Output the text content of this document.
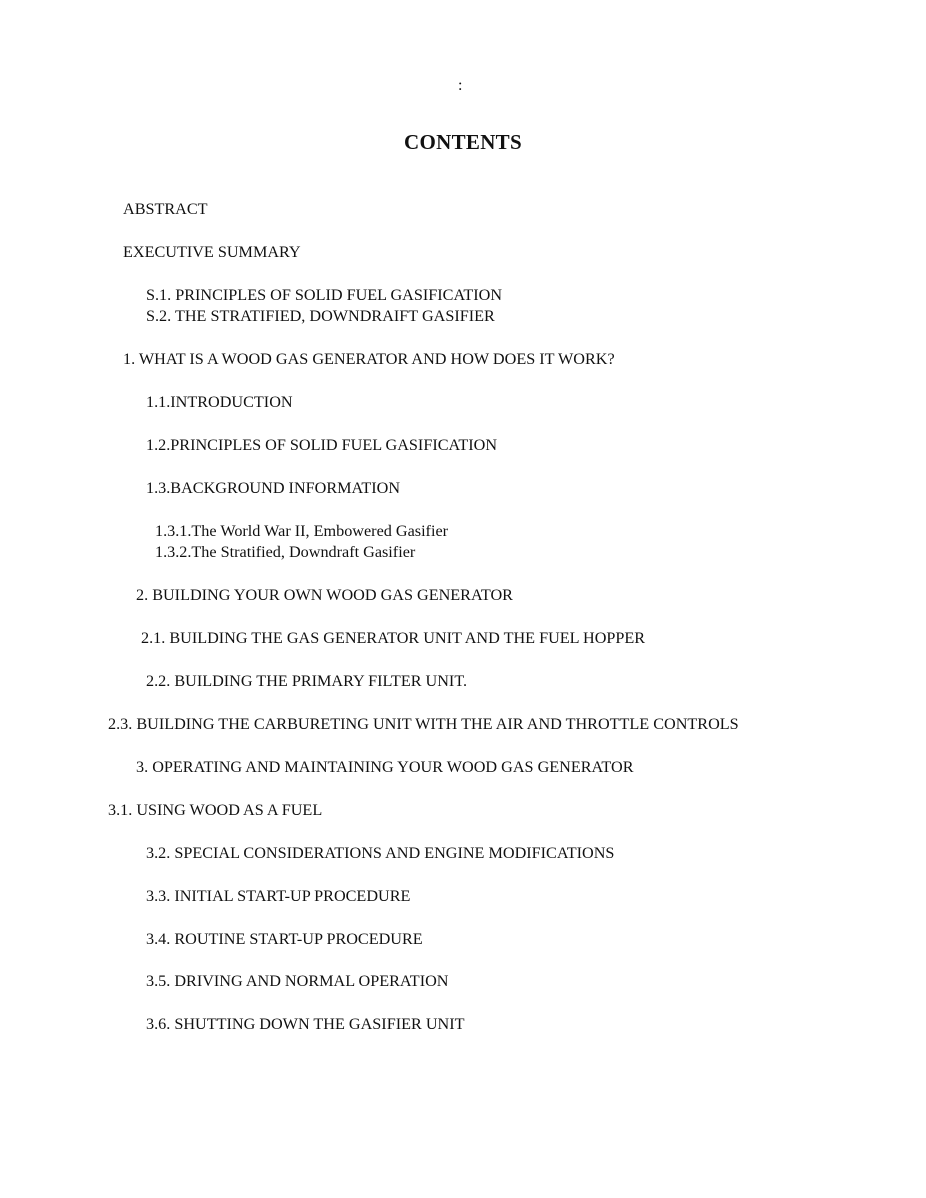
:
CONTENTS
ABSTRACT
EXECUTIVE SUMMARY
S.1. PRINCIPLES OF SOLID FUEL GASIFICATION
S.2. THE STRATIFIED, DOWNDRAIFT GASIFIER
1. WHAT IS A WOOD GAS GENERATOR AND HOW DOES IT WORK?
1.1.INTRODUCTION
1.2.PRINCIPLES OF SOLID FUEL GASIFICATION
1.3.BACKGROUND INFORMATION
1.3.1.The World War II, Embowered Gasifier
1.3.2.The Stratified, Downdraft Gasifier
2. BUILDING YOUR OWN WOOD GAS GENERATOR
2.1. BUILDING THE GAS GENERATOR UNIT AND THE FUEL HOPPER
2.2. BUILDING THE PRIMARY FILTER UNIT.
2.3. BUILDING THE CARBURETING UNIT WITH THE AIR AND THROTTLE CONTROLS
3. OPERATING AND MAINTAINING YOUR WOOD GAS GENERATOR
3.1. USING WOOD AS A FUEL
3.2. SPECIAL CONSIDERATIONS AND ENGINE MODIFICATIONS
3.3. INITIAL START-UP PROCEDURE
3.4. ROUTINE START-UP PROCEDURE
3.5. DRIVING AND NORMAL OPERATION
3.6. SHUTTING DOWN THE GASIFIER UNIT
